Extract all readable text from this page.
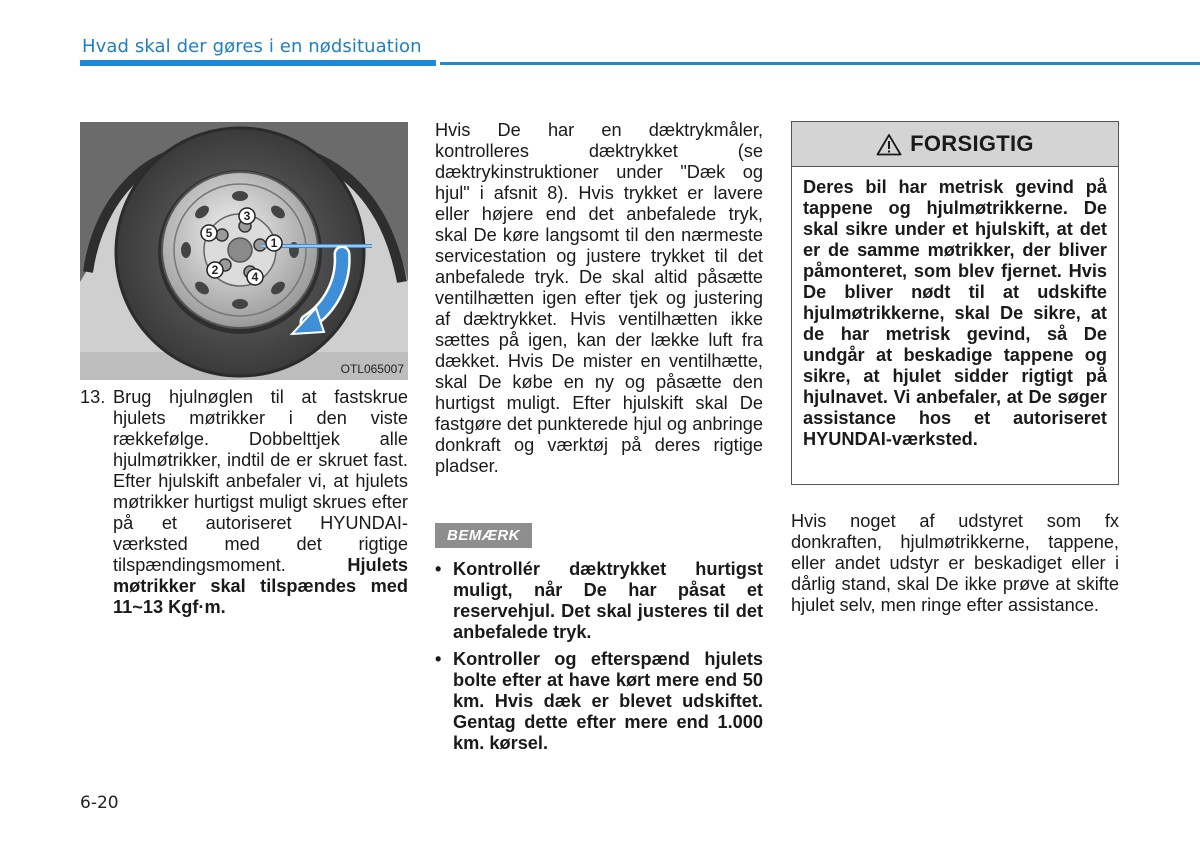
Hvad skal der gøres i en nødsituation
1
3
5
2	4
OTL065007
13. Brug hjulnøglen til at fastskrue hjulets møtrikker i den viste rækkefølge. Dobbelttjek alle hjulmøtrikker, indtil de er skruet fast. Efter hjulskift anbefaler vi, at hjulets møtrikker hurtigst muligt skrues efter på et autoriseret HYUNDAI-værksted med det rigtige tilspændingsmoment.	Hjulets møtrikker skal tilspændes med 11~13 Kgf·m.
Hvis De har en dæktrykmåler, kontrolleres dæktrykket (se dæktrykinstruktioner under "Dæk og hjul" i afsnit 8). Hvis trykket er lavere eller højere end det anbefalede tryk, skal De køre langsomt til den nærmeste servicestation og justere trykket til det anbefalede tryk. De skal altid påsætte ventilhætten igen efter tjek og justering af dæktrykket. Hvis ventilhætten ikke sættes på igen, kan der lække luft fra dækket. Hvis De mister en ventilhætte, skal De købe en ny og påsætte den hurtigst muligt. Efter hjulskift skal De fastgøre det punkterede hjul og anbringe donkraft og værktøj på deres rigtige pladser.
BEMÆRK
• Kontrollér dæktrykket hurtigst muligt, når De har påsat et reservehjul. Det skal justeres til det anbefalede tryk.
• Kontroller og efterspænd hjulets bolte efter at have kørt mere end 50 km. Hvis dæk er blevet udskiftet. Gentag dette efter mere end 1.000 km. kørsel.
FORSIGTIG
Deres bil har metrisk gevind på tappene og hjulmøtrikkerne. De skal sikre under et hjulskift, at det er de samme møtrikker, der bliver påmonteret, som blev fjernet. Hvis De bliver nødt til at udskifte hjulmøtrikkerne, skal De sikre, at de har metrisk gevind, så De undgår at beskadige tappene og sikre, at hjulet sidder rigtigt på hjulnavet. Vi anbefaler, at De søger assistance hos et autoriseret HYUNDAI-værksted.
Hvis noget af udstyret som fx donkraften, hjulmøtrikkerne, tappene, eller andet udstyr er beskadiget eller i dårlig stand, skal De ikke prøve at skifte hjulet selv, men ringe efter assistance.
6-20
